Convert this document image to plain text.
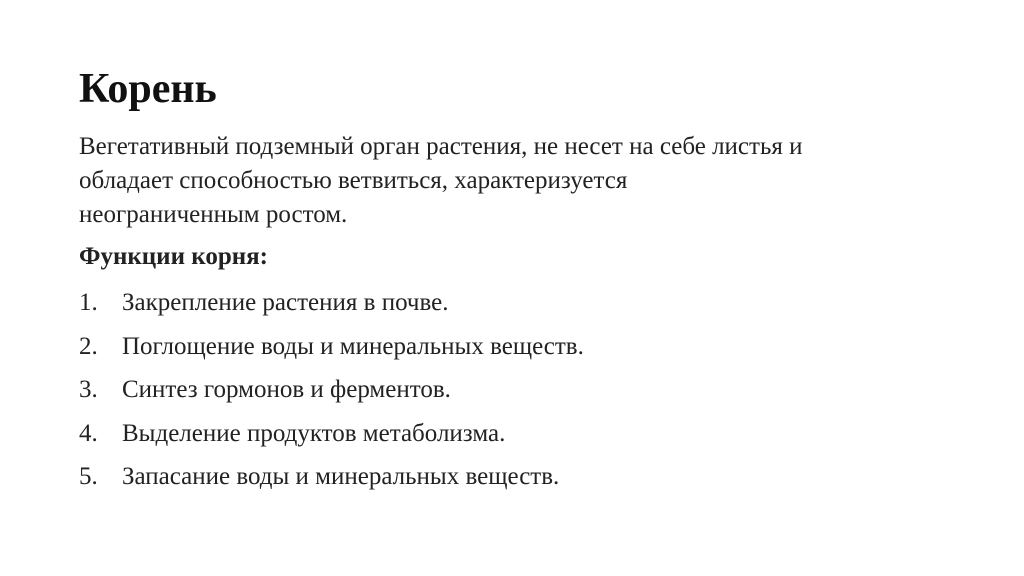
Корень

Вегетативный подземный орган растения, не несет на себе листья и
обладает способностью ветвиться, характеризуется
неограниченным ростом.

Функции корня:

1. Закрепление растения в почве.
2. Поглощение воды и минеральных веществ.
3. Синтез гормонов и ферментов.
4. Выделение продуктов метаболизма.
5. Запасание воды и минеральных веществ.
